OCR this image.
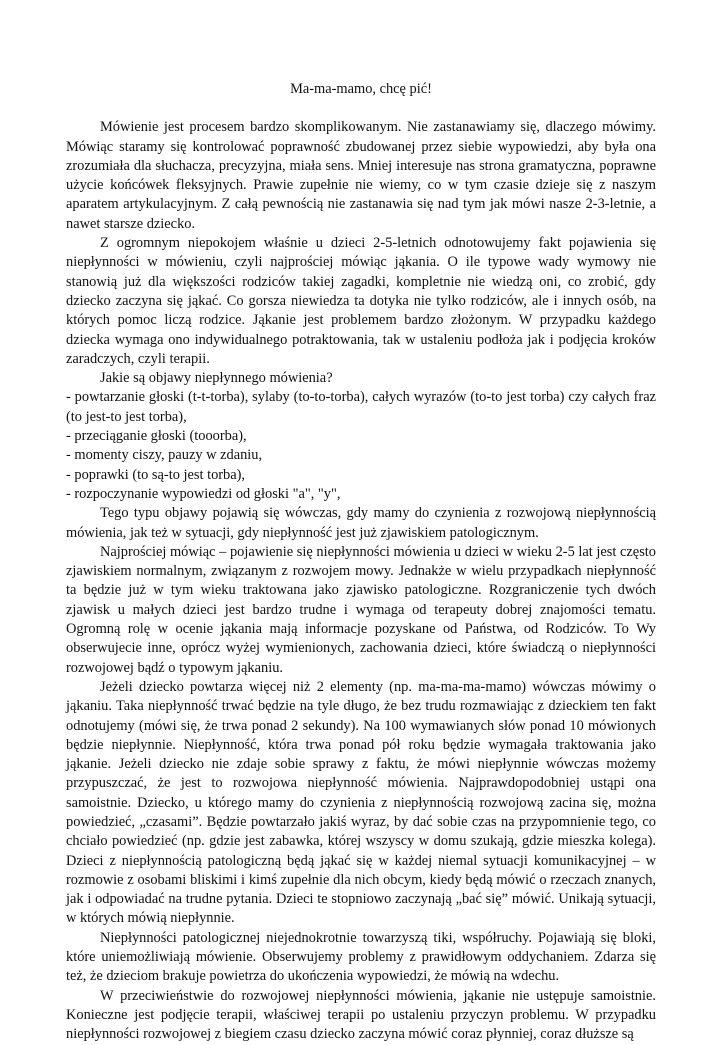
Ma-ma-mamo, chcę pić!

Mówienie jest procesem bardzo skomplikowanym. Nie zastanawiamy się, dlaczego mówimy. Mówiąc staramy się kontrolować poprawność zbudowanej przez siebie wypowiedzi, aby była ona zrozumiała dla słuchacza, precyzyjna, miała sens. Mniej interesuje nas strona gramatyczna, poprawne użycie końcówek fleksyjnych. Prawie zupełnie nie wiemy, co w tym czasie dzieje się z naszym aparatem artykulacyjnym. Z całą pewnością nie zastanawia się nad tym jak mówi nasze 2-3-letnie, a nawet starsze dziecko.

Z ogromnym niepokojem właśnie u dzieci 2-5-letnich odnotowujemy fakt pojawienia się niepłynności w mówieniu, czyli najprościej mówiąc jąkania. O ile typowe wady wymowy nie stanowią już dla większości rodziców takiej zagadki, kompletnie nie wiedzą oni, co zrobić, gdy dziecko zaczyna się jąkać. Co gorsza niewiedza ta dotyka nie tylko rodziców, ale i innych osób, na których pomoc liczą rodzice. Jąkanie jest problemem bardzo złożonym. W przypadku każdego dziecka wymaga ono indywidualnego potraktowania, tak w ustaleniu podłoża jak i podjęcia kroków zaradczych, czyli terapii.

Jakie są objawy niepłynnego mówienia?

- powtarzanie głoski (t-t-torba), sylaby (to-to-torba), całych wyrazów (to-to jest torba) czy całych fraz (to jest-to jest torba),

- przeciąganie głoski (tooorba),

- momenty ciszy, pauzy w zdaniu,

- poprawki (to są-to jest torba),

- rozpoczynanie wypowiedzi od głoski "a", "y",

Tego typu objawy pojawią się wówczas, gdy mamy do czynienia z rozwojową niepłynnością mówienia, jak też w sytuacji, gdy niepłynność jest już zjawiskiem patologicznym.

Najprościej mówiąc – pojawienie się niepłynności mówienia u dzieci w wieku 2-5 lat jest często zjawiskiem normalnym, związanym z rozwojem mowy. Jednakże w wielu przypadkach niepłynność ta będzie już w tym wieku traktowana jako zjawisko patologiczne. Rozgraniczenie tych dwóch zjawisk u małych dzieci jest bardzo trudne i wymaga od terapeuty dobrej znajomości tematu. Ogromną rolę w ocenie jąkania mają informacje pozyskane od Państwa, od Rodziców. To Wy obserwujecie inne, oprócz wyżej wymienionych, zachowania dzieci, które świadczą o niepłynności rozwojowej bądź o typowym jąkaniu.

Jeżeli dziecko powtarza więcej niż 2 elementy (np. ma-ma-ma-mamo) wówczas mówimy o jąkaniu. Taka niepłynność trwać będzie na tyle długo, że bez trudu rozmawiając z dzieckiem ten fakt odnotujemy (mówi się, że trwa ponad 2 sekundy). Na 100 wymawianych słów ponad 10 mówionych będzie niepłynnie. Niepłynność, która trwa ponad pół roku będzie wymagała traktowania jako jąkanie. Jeżeli dziecko nie zdaje sobie sprawy z faktu, że mówi niepłynnie wówczas możemy przypuszczać, że jest to rozwojowa niepłynność mówienia. Najprawdopodobniej ustąpi ona samoistnie. Dziecko, u którego mamy do czynienia z niepłynnością rozwojową zacina się, można powiedzieć, „czasami”. Będzie powtarzało jakiś wyraz, by dać sobie czas na przypomnienie tego, co chciało powiedzieć (np. gdzie jest zabawka, której wszyscy w domu szukają, gdzie mieszka kolega). Dzieci z niepłynnością patologiczną będą jąkać się w każdej niemal sytuacji komunikacyjnej – w rozmowie z osobami bliskimi i kimś zupełnie dla nich obcym, kiedy będą mówić o rzeczach znanych, jak i odpowiadać na trudne pytania. Dzieci te stopniowo zaczynają „bać się” mówić. Unikają sytuacji, w których mówią niepłynnie.

Niepłynności patologicznej niejednokrotnie towarzyszą tiki, współruchy. Pojawiają się bloki, które uniemożliwiają mówienie. Obserwujemy problemy z prawidłowym oddychaniem. Zdarza się też, że dzieciom brakuje powietrza do ukończenia wypowiedzi, że mówią na wdechu.

W przeciwieństwie do rozwojowej niepłynności mówienia, jąkanie nie ustępuje samoistnie. Konieczne jest podjęcie terapii, właściwej terapii po ustaleniu przyczyn problemu. W przypadku niepłynności rozwojowej z biegiem czasu dziecko zaczyna mówić coraz płynniej, coraz dłuższe są
